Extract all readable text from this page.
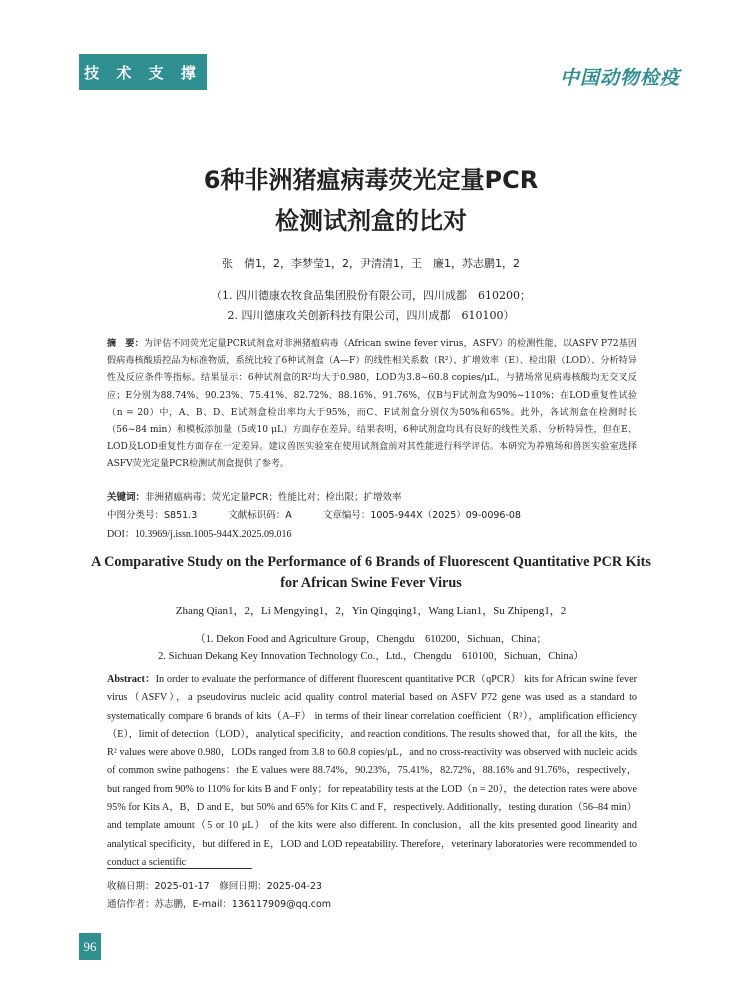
技 术 支 撑	中国动物检疫
6种非洲猪瘟病毒荧光定量PCR
检测试剂盒的比对
张　倩1，2，李梦莹1，2，尹清清1，王　廉1，苏志鹏1，2
（1. 四川德康农牧食品集团股份有限公司，四川成都　610200；
2. 四川德康攻关创新科技有限公司，四川成都　610100）
摘　要：为评估不同荧光定量PCR试剂盒对非洲猪瘟病毒（African swine fever virus，ASFV）的检测性能，以ASFV P72基因假病毒核酸质控品为标准物质，系统比较了6种试剂盒（A—F）的线性相关系数（R²）、扩增效率（E）、检出限（LOD）、分析特异性及反应条件等指标。结果显示：6种试剂盒的R²均大于0.980，LOD为3.8~60.8 copies/μL，与猪场常见病毒核酸均无交叉反应；E分别为88.74%、90.23%、75.41%、82.72%、88.16%、91.76%，仅B与F试剂盒为90%~110%；在LOD重复性试验（n = 20）中，A、B、D、E试剂盒检出率均大于95%，而C、F试剂盒分别仅为50%和65%。此外，各试剂盒在检测时长（56~84 min）和模板添加量（5或10 μL）方面存在差异。结果表明，6种试剂盒均具有良好的线性关系、分析特异性，但在E、LOD及LOD重复性方面存在一定差异。建议兽医实验室在使用试剂盒前对其性能进行科学评估。本研究为养殖场和兽医实验室选择ASFV荧光定量PCR检测试剂盒提供了参考。
关键词：非洲猪瘟病毒；荧光定量PCR；性能比对；检出限；扩增效率
中图分类号：S851.3	文献标识码：A	文章编号：1005-944X（2025）09-0096-08
DOI：10.3969/j.issn.1005-944X.2025.09.016
A Comparative Study on the Performance of 6 Brands of Fluorescent Quantitative PCR Kits for African Swine Fever Virus
Zhang Qian1，2，Li Mengying1，2，Yin Qingqing1，Wang Lian1，Su Zhipeng1，2
（1. Dekon Food and Agriculture Group，Chengdu　610200，Sichuan，China；
2. Sichuan Dekang Key Innovation Technology Co.，Ltd.，Chengdu　610100，Sichuan，China）
Abstract：In order to evaluate the performance of different fluorescent quantitative PCR（qPCR） kits for African swine fever virus（ASFV），a pseudovirus nucleic acid quality control material based on ASFV P72 gene was used as a standard to systematically compare 6 brands of kits（A–F） in terms of their linear correlation coefficient（R²），amplification efficiency（E），limit of detection（LOD），analytical specificity，and reaction conditions. The results showed that，for all the kits，the R² values were above 0.980，LODs ranged from 3.8 to 60.8 copies/μL，and no cross-reactivity was observed with nucleic acids of common swine pathogens：the E values were 88.74%，90.23%，75.41%，82.72%，88.16% and 91.76%，respectively，but ranged from 90% to 110% for kits B and F only；for repeatability tests at the LOD（n = 20），the detection rates were above 95% for Kits A，B，D and E，but 50% and 65% for Kits C and F，respectively. Additionally，testing duration（56–84 min）and template amount（5 or 10 μL） of the kits were also different. In conclusion，all the kits presented good linearity and analytical specificity，but differed in E，LOD and LOD repeatability. Therefore，veterinary laboratories were recommended to conduct a scientific
收稿日期：2025-01-17　修回日期：2025-04-23
通信作者：苏志鹏，E-mail：136117909@qq.com
96
